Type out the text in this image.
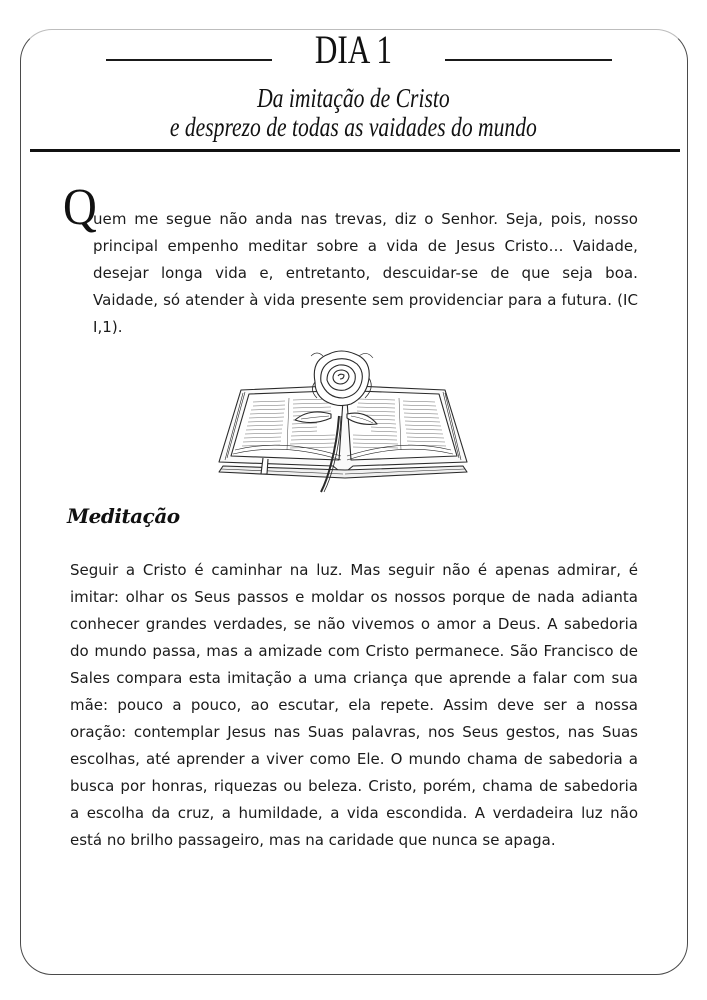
DIA 1
Da imitação de Cristo
e desprezo de todas as vaidades do mundo
Q
uem me segue não anda nas trevas, diz o Senhor. Seja, pois, nosso principal empenho meditar sobre a vida de Jesus Cristo… Vaidade, desejar longa vida e, entretanto, descuidar-se de que seja boa. Vaidade, só atender à vida presente sem providenciar para a futura. (IC I,1).
Meditação
Seguir a Cristo é caminhar na luz. Mas seguir não é apenas admirar, é imitar: olhar os Seus passos e moldar os nossos porque de nada adianta conhecer grandes verdades, se não vivemos o amor a Deus. A sabedoria do mundo passa, mas a amizade com Cristo permanece. São Francisco de Sales compara esta imitação a uma criança que aprende a falar com sua mãe: pouco a pouco, ao escutar, ela repete. Assim deve ser a nossa oração: contemplar Jesus nas Suas palavras, nos Seus gestos, nas Suas escolhas, até aprender a viver como Ele. O mundo chama de sabedoria a busca por honras, riquezas ou beleza. Cristo, porém, chama de sabedoria a escolha da cruz, a humildade, a vida escondida. A verdadeira luz não está no brilho passageiro, mas na caridade que nunca se apaga.
